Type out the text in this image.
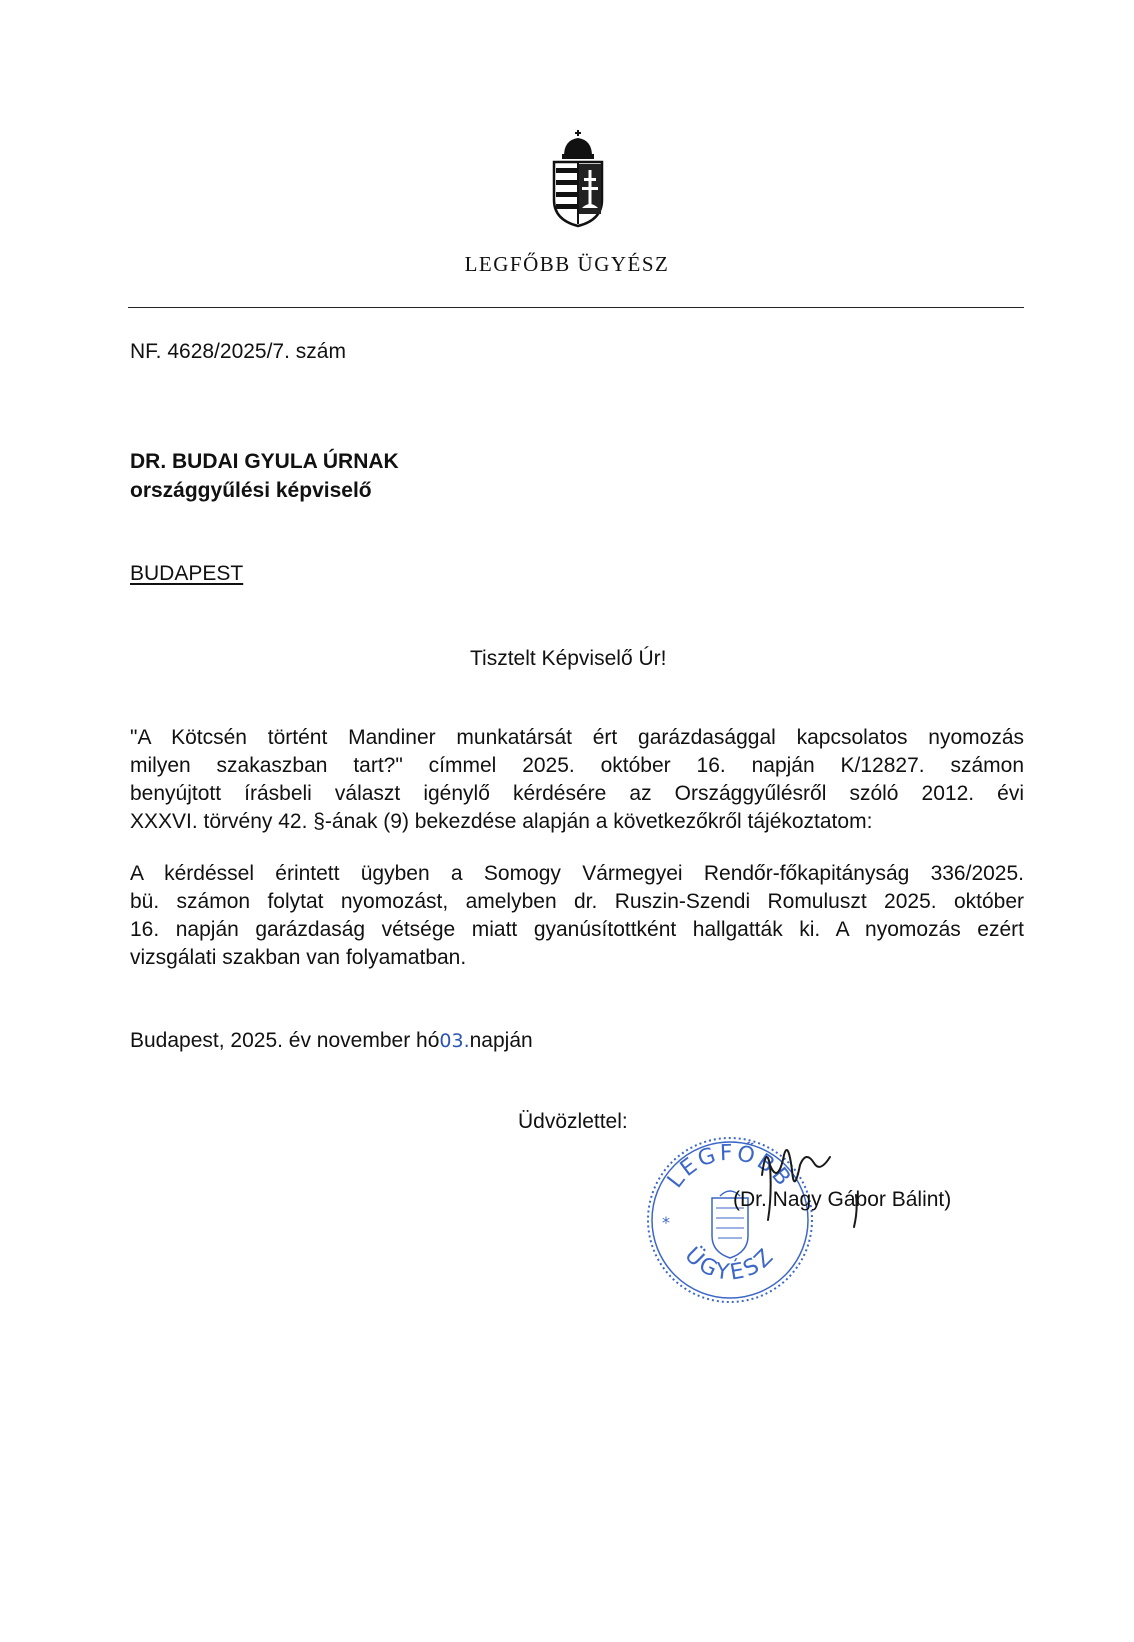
LEGFŐBB ÜGYÉSZ
NF. 4628/2025/7. szám
DR. BUDAI GYULA ÚRNAK
országgyűlési képviselő
BUDAPEST
Tisztelt Képviselő Úr!
"A Kötcsén történt Mandiner munkatársát ért garázdasággal kapcsolatos nyomozás
milyen szakaszban tart?" címmel 2025. október 16. napján K/12827. számon
benyújtott írásbeli választ igénylő kérdésére az Országgyűlésről szóló 2012. évi
XXXVI. törvény 42. §-ának (9) bekezdése alapján a következőkről tájékoztatom:
A kérdéssel érintett ügyben a Somogy Vármegyei Rendőr-főkapitányság 336/2025.
bü. számon folytat nyomozást, amelyben dr. Ruszin-Szendi Romuluszt 2025. október
16. napján garázdaság vétsége miatt gyanúsítottként hallgatták ki. A nyomozás ezért
vizsgálati szakban van folyamatban.
Budapest, 2025. év november hó03.napján
Üdvözlettel:
LEGFŐBB
ÜGYÉSZ
*
(Dr. Nagy Gábor Bálint)
